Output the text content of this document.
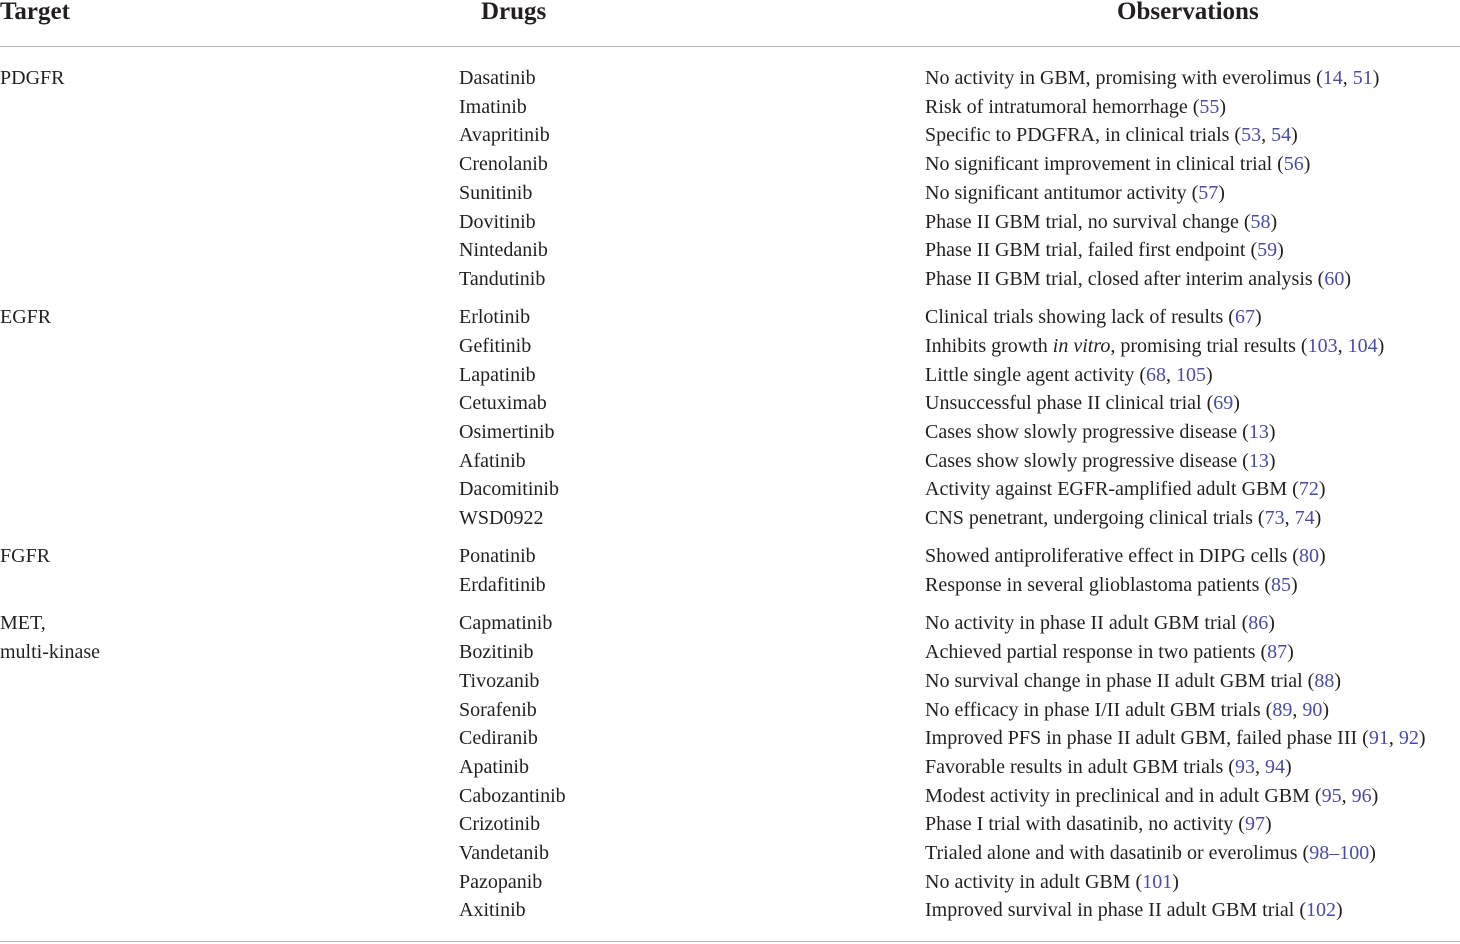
Target	Drugs	Observations
PDGFR	Dasatinib	No activity in GBM, promising with everolimus (14, 51)
Imatinib	Risk of intratumoral hemorrhage (55)
Avapritinib	Specific to PDGFRA, in clinical trials (53, 54)
Crenolanib	No significant improvement in clinical trial (56)
Sunitinib	No significant antitumor activity (57)
Dovitinib	Phase II GBM trial, no survival change (58)
Nintedanib	Phase II GBM trial, failed first endpoint (59)
Tandutinib	Phase II GBM trial, closed after interim analysis (60)
EGFR	Erlotinib	Clinical trials showing lack of results (67)
Gefitinib	Inhibits growth in vitro, promising trial results (103, 104)
Lapatinib	Little single agent activity (68, 105)
Cetuximab	Unsuccessful phase II clinical trial (69)
Osimertinib	Cases show slowly progressive disease (13)
Afatinib	Cases show slowly progressive disease (13)
Dacomitinib	Activity against EGFR-amplified adult GBM (72)
WSD0922	CNS penetrant, undergoing clinical trials (73, 74)
FGFR	Ponatinib	Showed antiproliferative effect in DIPG cells (80)
Erdafitinib	Response in several glioblastoma patients (85)
MET,
multi-kinase
Capmatinib	No activity in phase II adult GBM trial (86)
Bozitinib	Achieved partial response in two patients (87)
Tivozanib	No survival change in phase II adult GBM trial (88)
Sorafenib	No efficacy in phase I/II adult GBM trials (89, 90)
Cediranib	Improved PFS in phase II adult GBM, failed phase III (91, 92)
Apatinib	Favorable results in adult GBM trials (93, 94)
Cabozantinib	Modest activity in preclinical and in adult GBM (95, 96)
Crizotinib	Phase I trial with dasatinib, no activity (97)
Vandetanib	Trialed alone and with dasatinib or everolimus (98–100)
Pazopanib	No activity in adult GBM (101)
Axitinib	Improved survival in phase II adult GBM trial (102)
